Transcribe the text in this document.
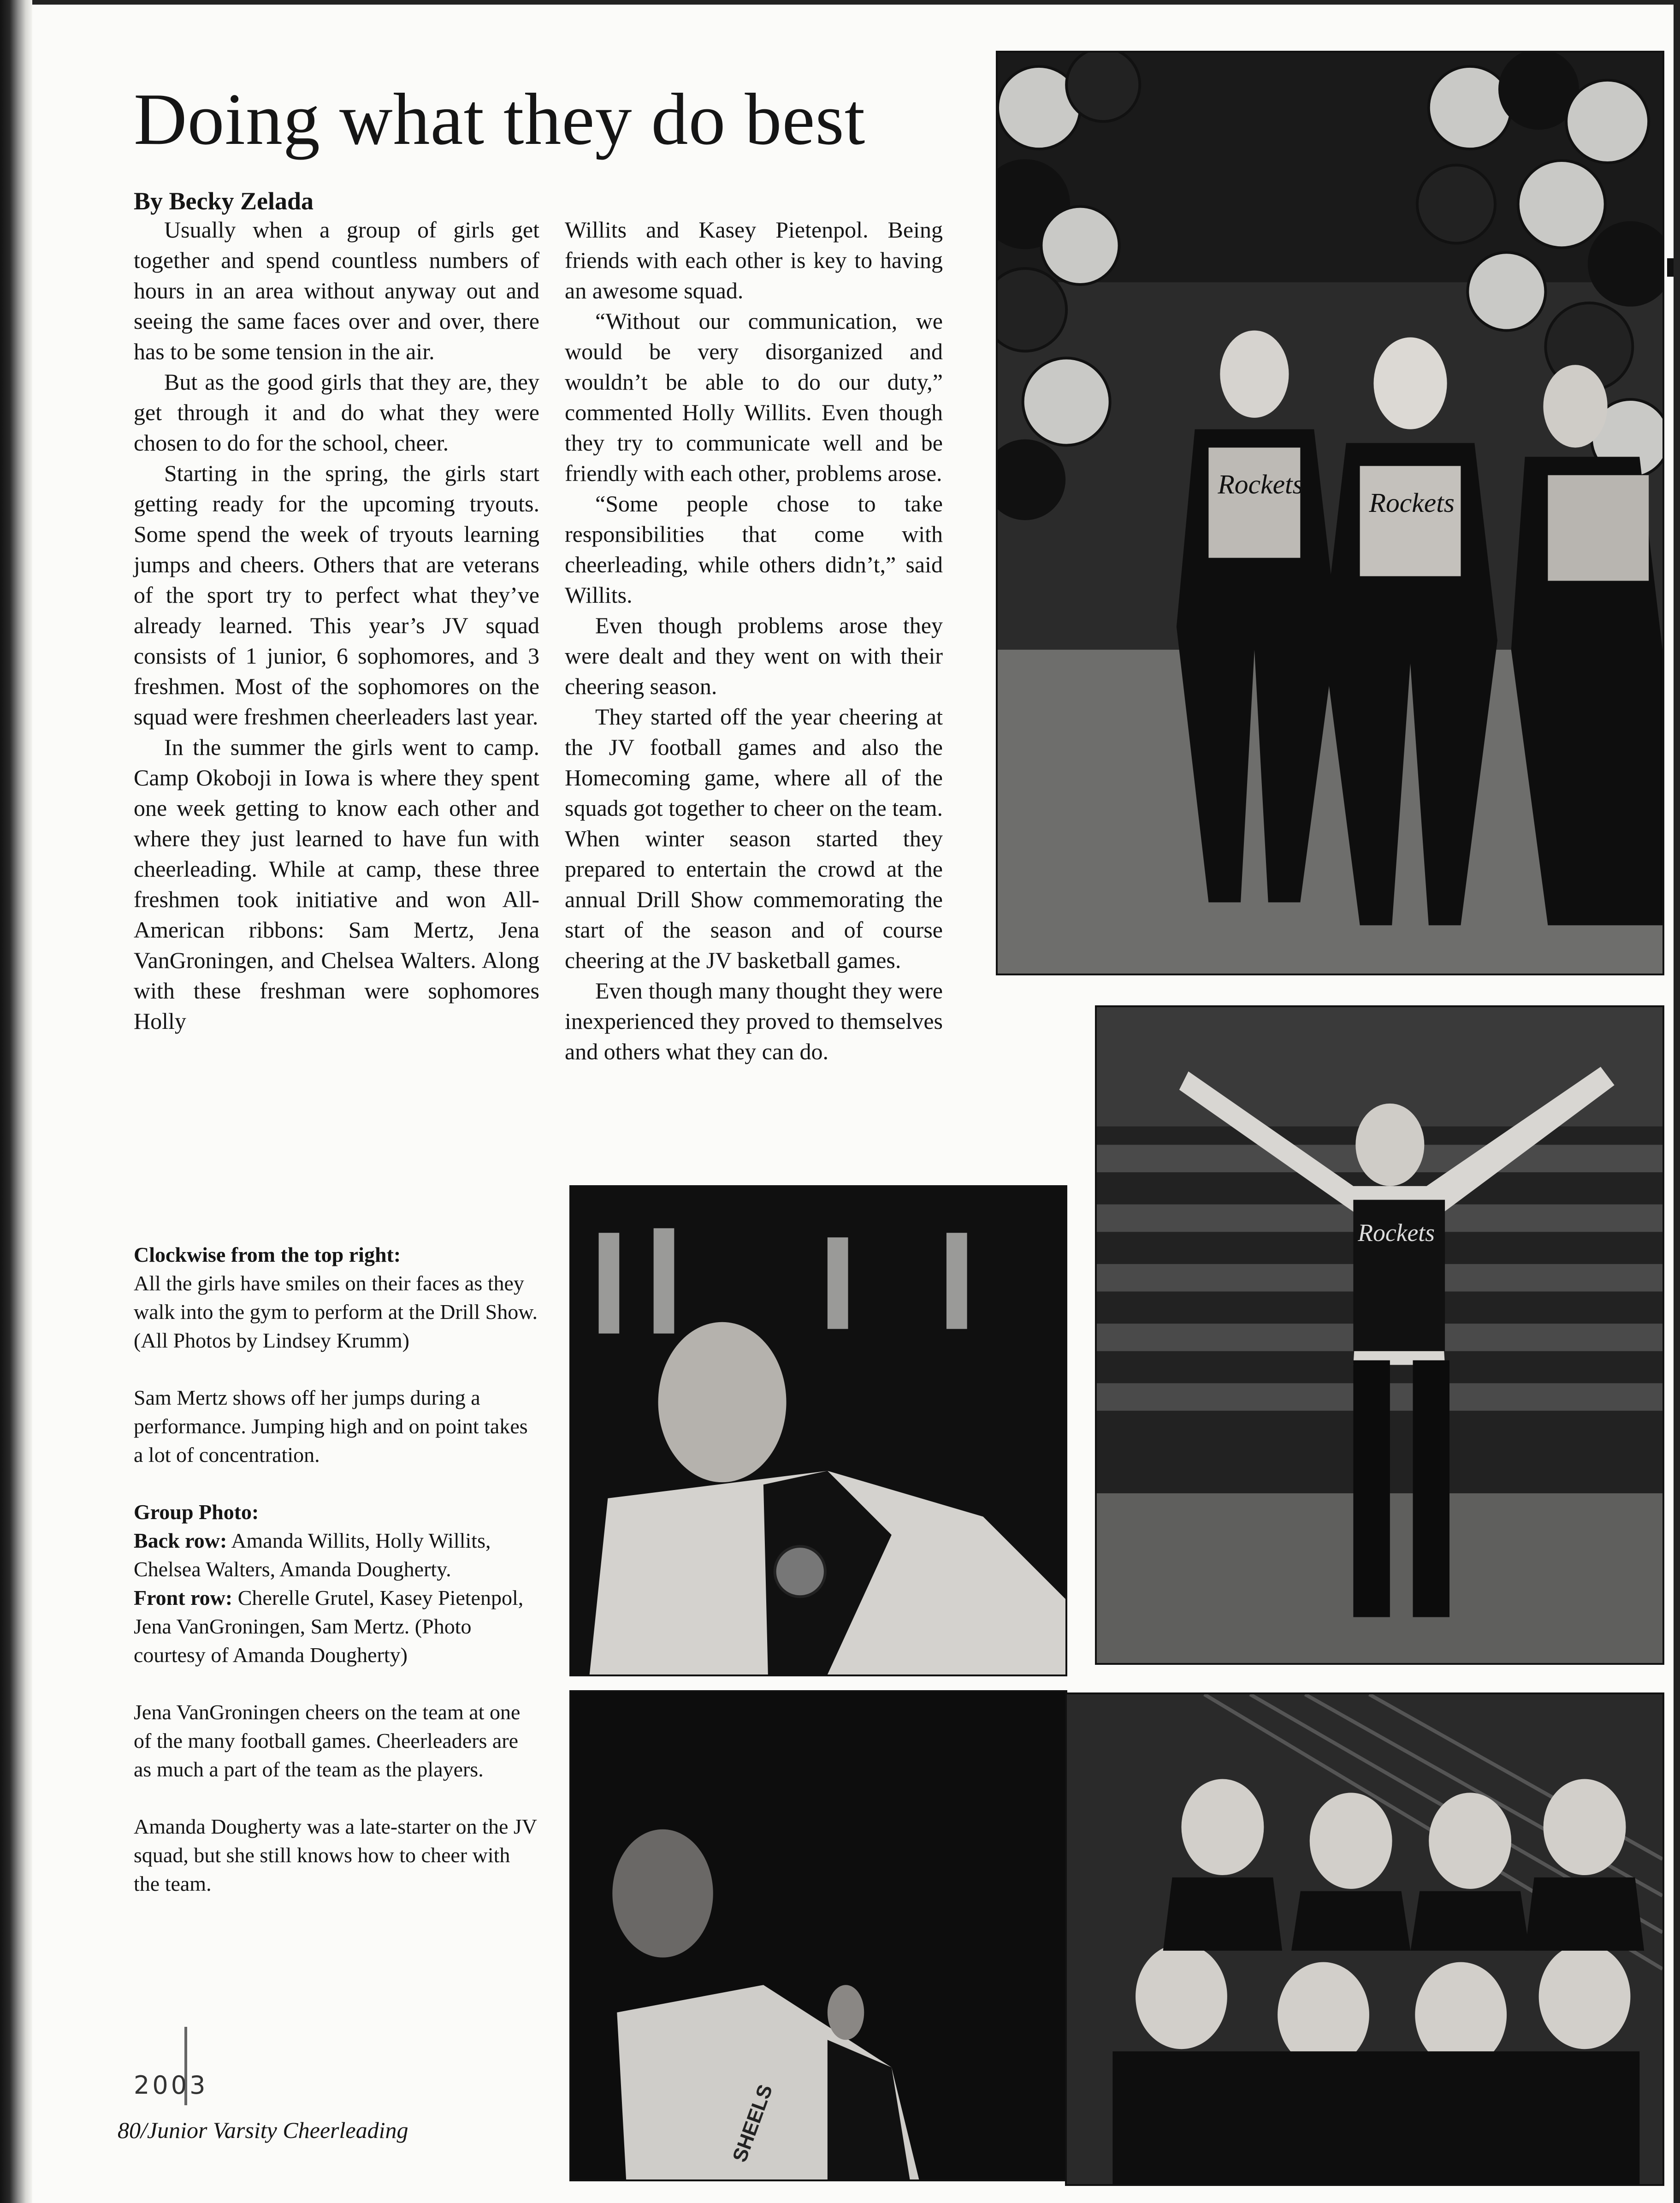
Doing what they do best
By Becky Zelada

Usually when a group of girls get together and spend countless numbers of hours in an area without anyway out and seeing the same faces over and over, there has to be some tension in the air.

But as the good girls that they are, they get through it and do what they were chosen to do for the school, cheer.

Starting in the spring, the girls start getting ready for the upcoming tryouts. Some spend the week of tryouts learning jumps and cheers. Others that are veterans of the sport try to perfect what they’ve already learned. This year’s JV squad consists of 1 junior, 6 sophomores, and 3 freshmen. Most of the sophomores on the squad were freshmen cheerleaders last year.

In the summer the girls went to camp. Camp Okoboji in Iowa is where they spent one week getting to know each other and where they just learned to have fun with cheerleading. While at camp, these three freshmen took initiative and won All-American ribbons: Sam Mertz, Jena VanGroningen, and Chelsea Walters. Along with these freshman were sophomores Holly

Willits and Kasey Pietenpol. Being friends with each other is key to having an awesome squad.

“Without our communication, we would be very disorganized and wouldn’t be able to do our duty,” commented Holly Willits. Even though they try to communicate well and be friendly with each other, problems arose.

“Some people chose to take responsibilities that come with cheerleading, while others didn’t,” said Willits.

Even though problems arose they were dealt and they went on with their cheering season.

They started off the year cheering at the JV football games and also the Homecoming game, where all of the squads got together to cheer on the team. When winter season started they prepared to entertain the crowd at the annual Drill Show commemorating the start of the season and of course cheering at the JV basketball games.

Even though many thought they were inexperienced they proved to themselves and others what they can do.

Clockwise from the top right:
All the girls have smiles on their faces as they walk into the gym to perform at the Drill Show. (All Photos by Lindsey Krumm)
Sam Mertz shows off her jumps during a performance. Jumping high and on point takes a lot of concentration.
Group Photo:

Back row: Amanda Willits, Holly Willits, Chelsea Walters, Amanda Dougherty.

Front row: Cherelle Grutel, Kasey Pietenpol, Jena VanGroningen, Sam Mertz. (Photo courtesy of Amanda Dougherty)

Jena VanGroningen cheers on the team at one of the many football games. Cheerleaders are as much a part of the team as the players.
Amanda Dougherty was a late-starter on the JV squad, but she still knows how to cheer with the team.
Rockets
Rockets
Rockets
SHEELS
2003
80/Junior Varsity Cheerleading
